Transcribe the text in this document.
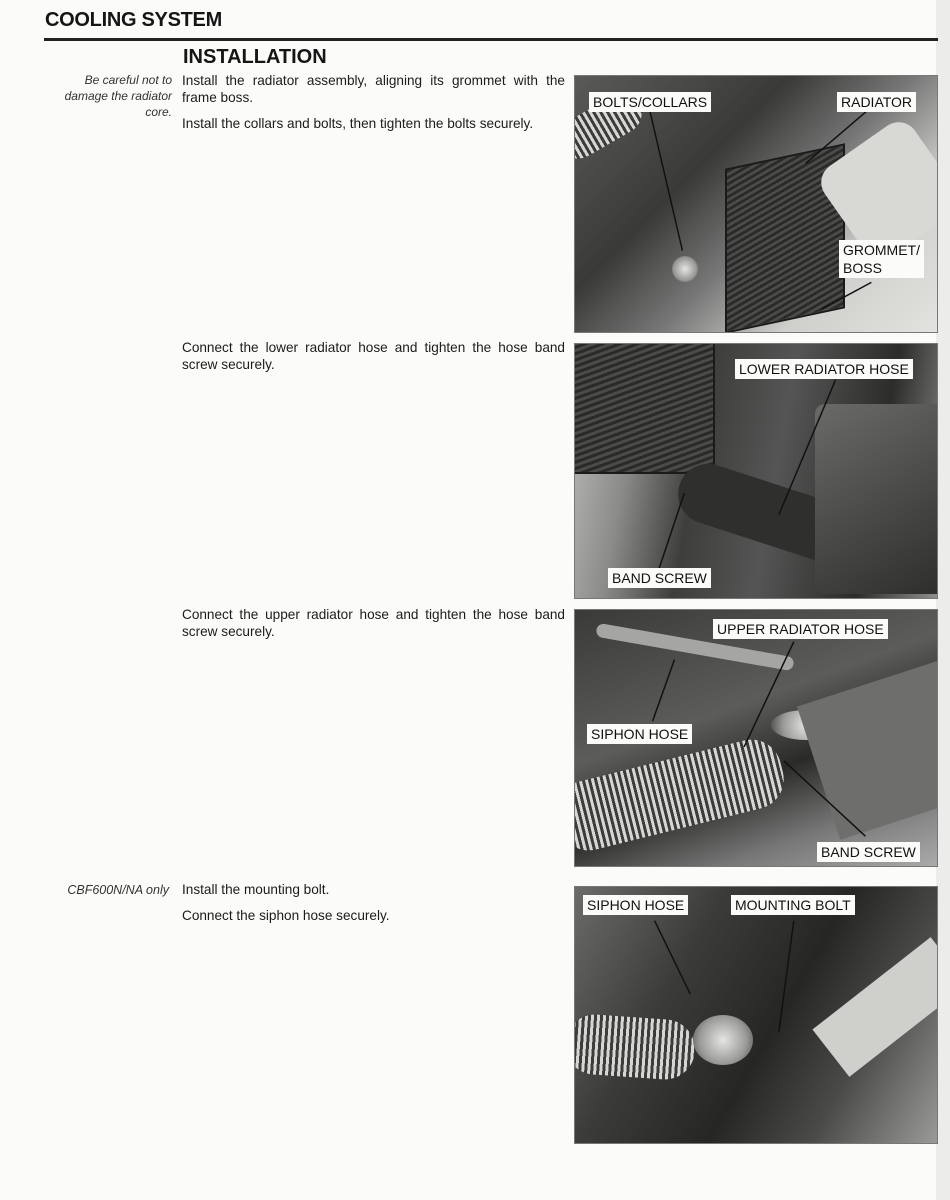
COOLING SYSTEM
INSTALLATION
Be careful not to
damage the radiator
core.
Install the radiator assembly, aligning its grommet with the frame boss.
Install the collars and bolts, then tighten the bolts securely.
Connect the lower radiator hose and tighten the hose band screw securely.
Connect the upper radiator hose and tighten the hose band screw securely.
CBF600N/NA only Install the mounting bolt.
Connect the siphon hose securely.
BOLTS/COLLARS	RADIATOR
GROMMET/
BOSS
LOWER RADIATOR HOSE
BAND SCREW
UPPER RADIATOR HOSE
SIPHON HOSE
BAND SCREW
SIPHON HOSE	MOUNTING BOLT
